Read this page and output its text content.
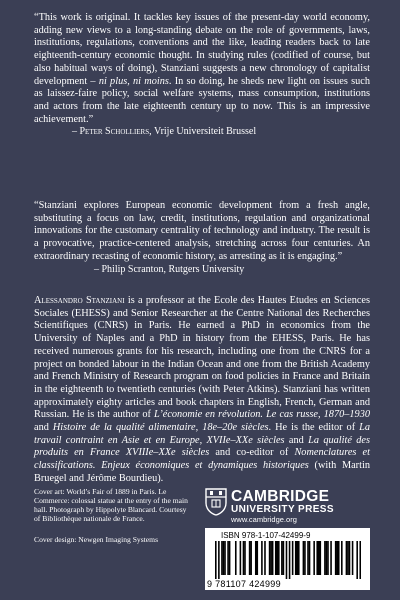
“This work is original. It tackles key issues of the present-day world economy, adding new views to a long-standing debate on the role of governments, laws, institutions, regulations, conventions and the like, leading readers back to late eighteenth-century economic thought. In studying rules (codified of course, but also habitual ways of doing), Stanziani suggests a new chronology of capitalist development – ni plus, ni moins. In so doing, he sheds new light on issues such as laissez-faire policy, social welfare systems, mass consumption, institutions and actors from the late eighteenth century up to now. This is an impressive achievement.”
– Peter Scholliers, Vrije Universiteit Brussel
“Stanziani explores European economic development from a fresh angle, substituting a focus on law, credit, institutions, regulation and organizational innovations for the customary centrality of technology and industry. The result is a provocative, practice-centered analysis, stretching across four centuries. An extraordinary recasting of economic history, as arresting as it is engaging.”
– Philip Scranton, Rutgers University
Alessandro Stanziani is a professor at the Ecole des Hautes Etudes en Sciences Sociales (EHESS) and Senior Researcher at the Centre National des Recherches Scientifiques (CNRS) in Paris. He earned a PhD in economics from the University of Naples and a PhD in history from the EHESS, Paris. He has received numerous grants for his research, including one from the CNRS for a project on bonded labour in the Indian Ocean and one from the British Academy and French Ministry of Research program on food policies in France and Britain in the eighteenth to twentieth centuries (with Peter Atkins). Stanziani has written approximately eighty articles and book chapters in English, French, German and Russian. He is the author of L’économie en révolution. Le cas russe, 1870–1930 and Histoire de la qualité alimentaire, 18e–20e siècles. He is the editor of La travail contraint en Asie et en Europe, XVIIe–XXe siècles and La qualité des produits en France XVIIIe–XXe siècles and co-editor of Nomenclatures et classifications. Enjeux économiques et dynamiques historiques (with Martin Bruegel and Jérôme Bourdieu).
Cover art: World’s Fair of 1889 in Paris. Le Commerce: colossal statue at the entry of the main hall. Photograph by Hippolyte Blancard. Courtesy of Bibliothèque nationale de France.
Cover design: Newgen Imaging Systems
CAMBRIDGE
UNIVERSITY PRESS
www.cambridge.org
ISBN 978-1-107-42499-9
9 781107 424999
